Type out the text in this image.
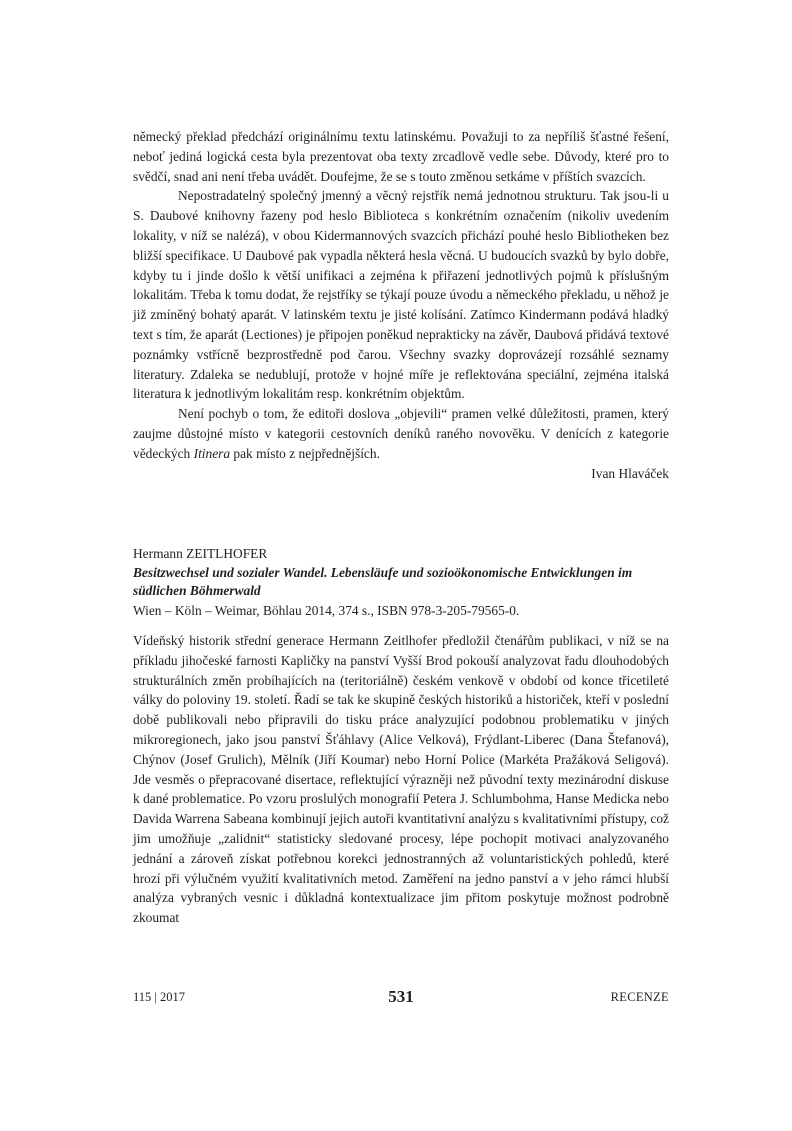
německý překlad předchází originálnímu textu latinskému. Považuji to za nepříliš šťastné řešení, neboť jediná logická cesta byla prezentovat oba texty zrcadlově vedle sebe. Důvody, které pro to svědčí, snad ani není třeba uvádět. Doufejme, že se s touto změnou setkáme v příštích svazcích.

Nepostradatelný společný jmenný a věcný rejstřík nemá jednotnou strukturu. Tak jsou-li u S. Daubové knihovny řazeny pod heslo Biblioteca s konkrétním označením (nikoliv uvedením lokality, v níž se nalézá), v obou Kidermannových svazcích přichází pouhé heslo Bibliotheken bez bližší specifikace. U Daubové pak vypadla některá hesla věcná. U budoucích svazků by bylo dobře, kdyby tu i jinde došlo k větší unifikaci a zejména k přiřazení jednotlivých pojmů k příslušným lokalitám. Třeba k tomu dodat, že rejstříky se týkají pouze úvodu a německého překladu, u něhož je již zmíněný bohatý aparát. V latinském textu je jisté kolísání. Zatímco Kindermann podává hladký text s tím, že aparát (Lectiones) je připojen poněkud neprakticky na závěr, Daubová přidává textové poznámky vstřícně bezprostředně pod čarou. Všechny svazky doprovázejí rozsáhlé seznamy literatury. Zdaleka se nedublují, protože v hojné míře je reflektována speciální, zejména italská literatura k jednotlivým lokalitám resp. konkrétním objektům.

Není pochyb o tom, že editoři doslova „objevili“ pramen velké důležitosti, pramen, který zaujme důstojné místo v kategorii cestovních deníků raného novověku. V denících z kategorie vědeckých Itinera pak místo z nejpřednějších.

Ivan Hlaváček

Hermann ZEITLHOFER

Besitzwechsel und sozialer Wandel. Lebensläufe und sozioökonomische Entwicklungen im südlichen Böhmerwald

Wien – Köln – Weimar, Böhlau 2014, 374 s., ISBN 978-3-205-79565-0.

Vídeňský historik střední generace Hermann Zeitlhofer předložil čtenářům publikaci, v níž se na příkladu jihočeské farnosti Kapličky na panství Vyšší Brod pokouší analyzovat řadu dlouhodobých strukturálních změn probíhajících na (teritoriálně) českém venkově v období od konce třicetileté války do poloviny 19. století. Řadí se tak ke skupině českých historiků a historiček, kteří v poslední době publikovali nebo připravili do tisku práce analyzující podobnou problematiku v jiných mikroregionech, jako jsou panství Šťáhlavy (Alice Velková), Frýdlant-Liberec (Dana Štefanová), Chýnov (Josef Grulich), Mělník (Jiří Koumar) nebo Horní Police (Markéta Pražáková Seligová). Jde vesměs o přepracované disertace, reflektující výrazněji než původní texty mezinárodní diskuse k dané problematice. Po vzoru proslulých monografií Petera J. Schlumbohma, Hanse Medicka nebo Davida Warrena Sabeana kombinují jejich autoři kvantitativní analýzu s kvalitativními přístupy, což jim umožňuje „zalidnit“ statisticky sledované procesy, lépe pochopit motivaci analyzovaného jednání a zároveň získat potřebnou korekci jednostranných až voluntaristických pohledů, které hrozí při výlučném využití kvalitativních metod. Zaměření na jedno panství a v jeho rámci hlubší analýza vybraných vesnic i důkladná kontextualizace jim přitom poskytuje možnost podrobně zkoumat

115 | 2017	531	RECENZE
